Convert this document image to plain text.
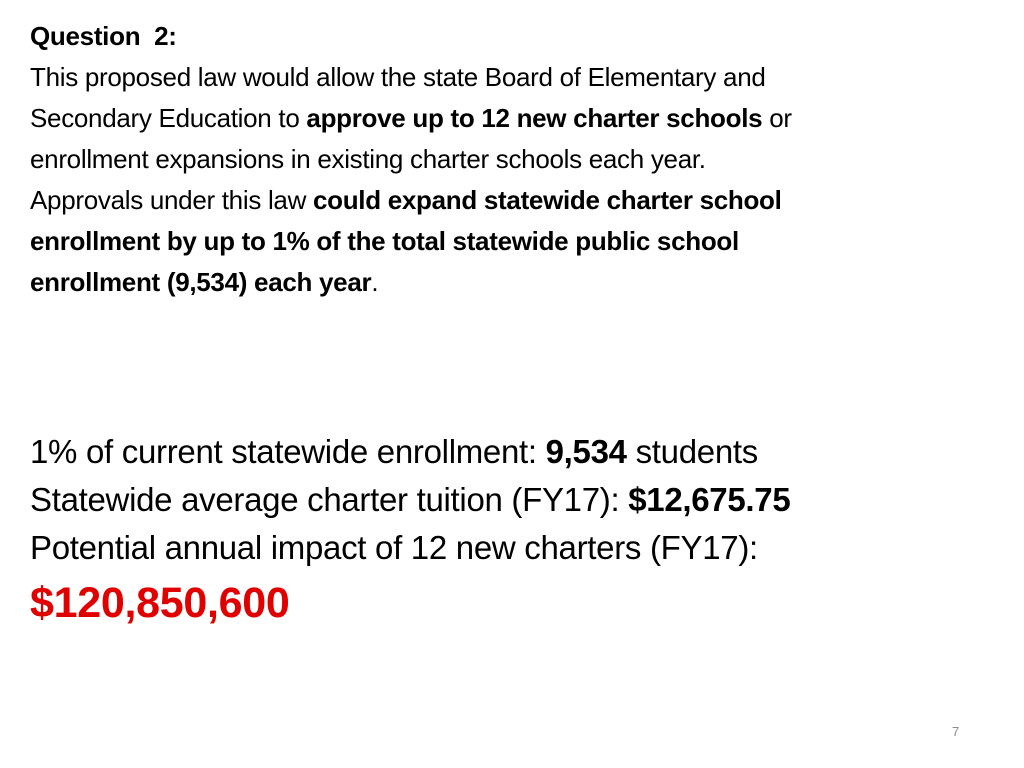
Question  2:
This proposed law would allow the state Board of Elementary and
Secondary Education to approve up to 12 new charter schools or
enrollment expansions in existing charter schools each year.
Approvals under this law could expand statewide charter school
enrollment by up to 1% of the total statewide public school
enrollment (9,534) each year.
1% of current statewide enrollment: 9,534 students
Statewide average charter tuition (FY17): $12,675.75
Potential annual impact of 12 new charters (FY17):
$120,850,600
7
